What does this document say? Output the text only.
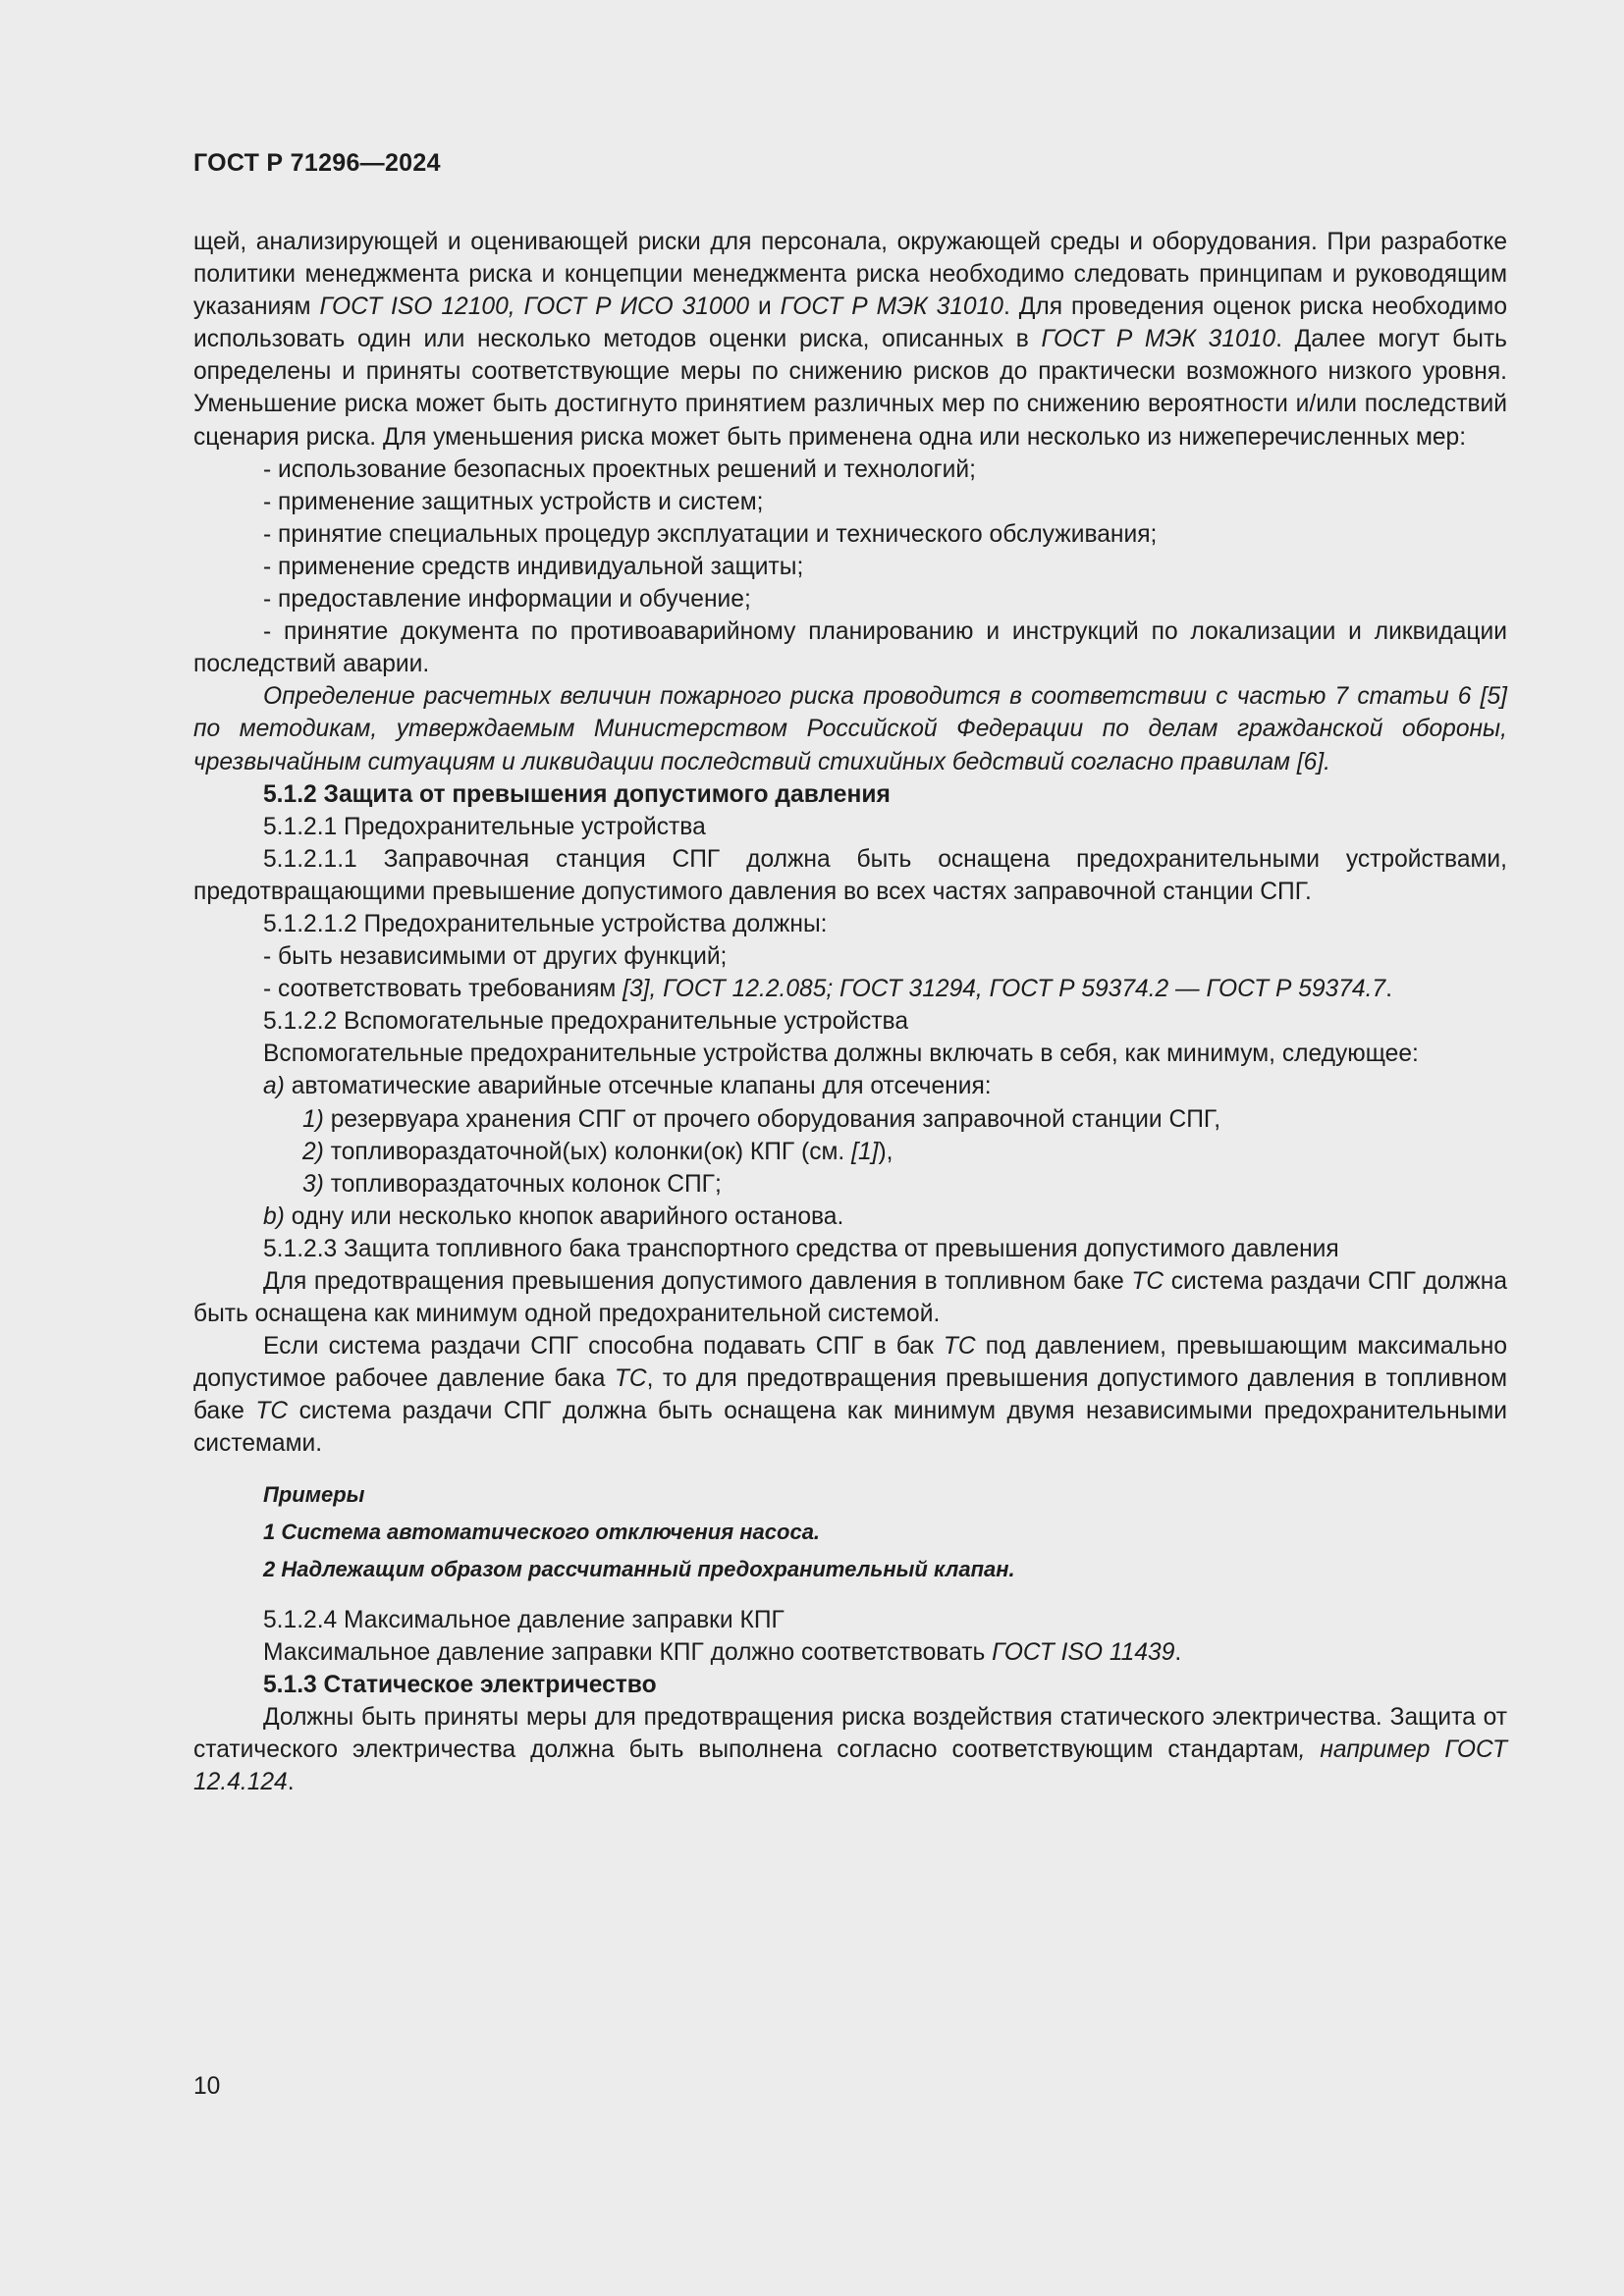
ГОСТ Р 71296—2024

щей, анализирующей и оценивающей риски для персонала, окружающей среды и оборудования. При разработке политики менеджмента риска и концепции менеджмента риска необходимо следовать принципам и руководящим указаниям ГОСТ ISO 12100, ГОСТ Р ИСО 31000 и ГОСТ Р МЭК 31010. Для проведения оценок риска необходимо использовать один или несколько методов оценки риска, описанных в ГОСТ Р МЭК 31010. Далее могут быть определены и приняты соответствующие меры по снижению рисков до практически возможного низкого уровня. Уменьшение риска может быть достигнуто принятием различных мер по снижению вероятности и/или последствий сценария риска. Для уменьшения риска может быть применена одна или несколько из нижеперечисленных мер:

- использование безопасных проектных решений и технологий;

- применение защитных устройств и систем;

- принятие специальных процедур эксплуатации и технического обслуживания;

- применение средств индивидуальной защиты;

- предоставление информации и обучение;

- принятие документа по противоаварийному планированию и инструкций по локализации и ликвидации последствий аварии.

Определение расчетных величин пожарного риска проводится в соответствии с частью 7 статьи 6 [5] по методикам, утверждаемым Министерством Российской Федерации по делам гражданской обороны, чрезвычайным ситуациям и ликвидации последствий стихийных бедствий согласно правилам [6].

5.1.2 Защита от превышения допустимого давления

5.1.2.1 Предохранительные устройства

5.1.2.1.1 Заправочная станция СПГ должна быть оснащена предохранительными устройствами, предотвращающими превышение допустимого давления во всех частях заправочной станции СПГ.

5.1.2.1.2 Предохранительные устройства должны:

- быть независимыми от других функций;

- соответствовать требованиям [3], ГОСТ 12.2.085; ГОСТ 31294, ГОСТ Р 59374.2 — ГОСТ Р 59374.7.

5.1.2.2 Вспомогательные предохранительные устройства

Вспомогательные предохранительные устройства должны включать в себя, как минимум, следующее:

а) автоматические аварийные отсечные клапаны для отсечения:

1) резервуара хранения СПГ от прочего оборудования заправочной станции СПГ,

2) топливораздаточной(ых) колонки(ок) КПГ (см. [1]),

3) топливораздаточных колонок СПГ;

b) одну или несколько кнопок аварийного останова.

5.1.2.3 Защита топливного бака транспортного средства от превышения допустимого давления

Для предотвращения превышения допустимого давления в топливном баке ТС система раздачи СПГ должна быть оснащена как минимум одной предохранительной системой.

Если система раздачи СПГ способна подавать СПГ в бак ТС под давлением, превышающим максимально допустимое рабочее давление бака ТС, то для предотвращения превышения допустимого давления в топливном баке ТС система раздачи СПГ должна быть оснащена как минимум двумя независимыми предохранительными системами.

Примеры

1 Система автоматического отключения насоса.

2 Надлежащим образом рассчитанный предохранительный клапан.

5.1.2.4 Максимальное давление заправки КПГ

Максимальное давление заправки КПГ должно соответствовать ГОСТ ISO 11439.

5.1.3 Статическое электричество

Должны быть приняты меры для предотвращения риска воздействия статического электричества. Защита от статического электричества должна быть выполнена согласно соответствующим стандартам, например ГОСТ 12.4.124.

10
